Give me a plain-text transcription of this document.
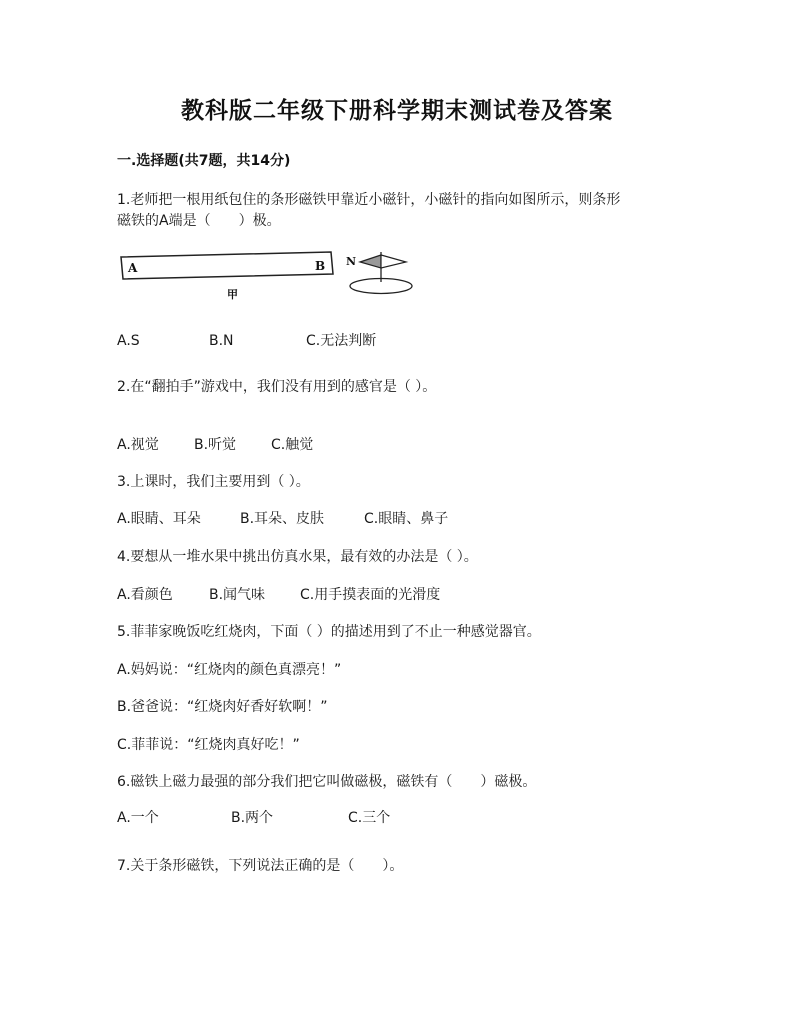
教科版二年级下册科学期末测试卷及答案
一.选择题(共7题，共14分)
1.老师把一根用纸包住的条形磁铁甲靠近小磁针，小磁针的指向如图所示，则条形
磁铁的A端是（　　）极。
A	B
甲
N
A.S	B.N	C.无法判断
2.在“翻拍手”游戏中，我们没有用到的感官是（ ）。
A.视觉	B.听觉 C.触觉
3.上课时，我们主要用到（ ）。
A.眼睛、耳朵	B.耳朵、皮肤	C.眼睛、鼻子
4.要想从一堆水果中挑出仿真水果，最有效的办法是（ ）。
A.看颜色	B.闻气味 C.用手摸表面的光滑度
5.菲菲家晚饭吃红烧肉，下面（ ）的描述用到了不止一种感觉器官。
A.妈妈说：“红烧肉的颜色真漂亮！”
B.爸爸说：“红烧肉好香好软啊！”
C.菲菲说：“红烧肉真好吃！”
6.磁铁上磁力最强的部分我们把它叫做磁极，磁铁有（　　）磁极。
A.一个	B.两个	C.三个
7.关于条形磁铁，下列说法正确的是（　　）。
